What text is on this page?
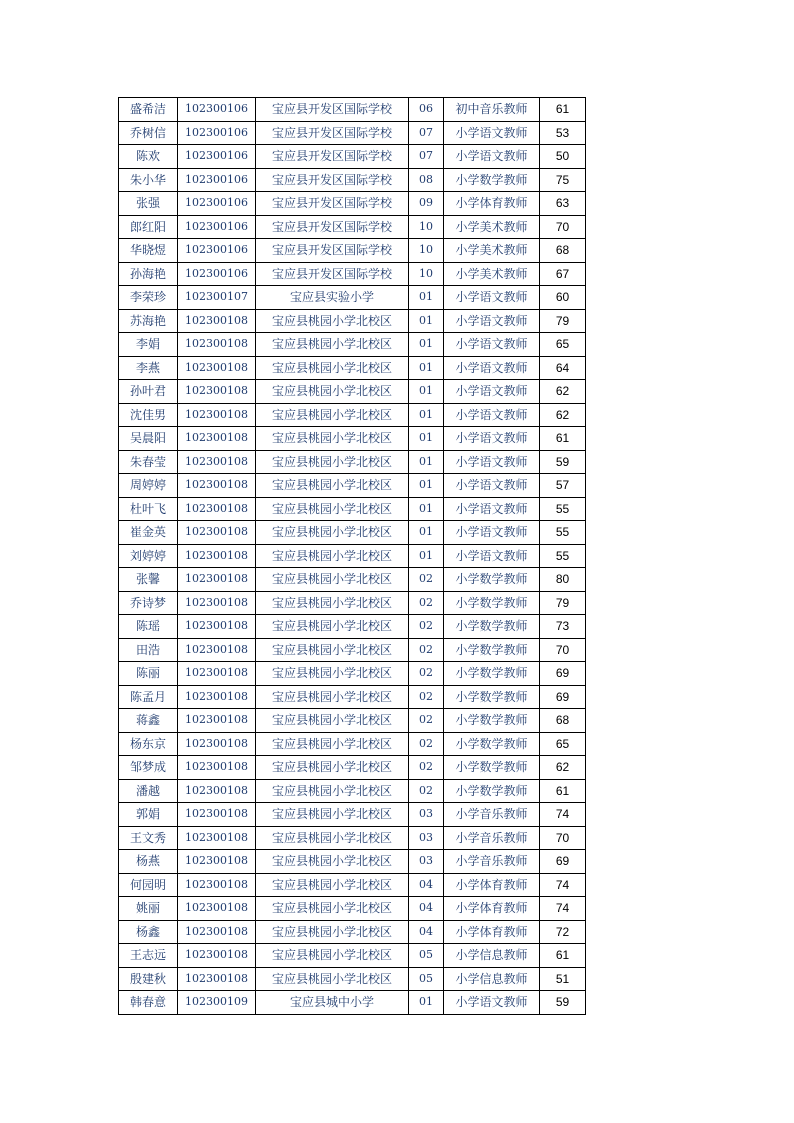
盛希洁	102300106	宝应县开发区国际学校	06	初中音乐教师	61
乔树信	102300106	宝应县开发区国际学校	07	小学语文教师	53
陈欢	102300106	宝应县开发区国际学校	07	小学语文教师	50
朱小华	102300106	宝应县开发区国际学校	08	小学数学教师	75
张强	102300106	宝应县开发区国际学校	09	小学体育教师	63
郎红阳	102300106	宝应县开发区国际学校	10	小学美术教师	70
华晓煜	102300106	宝应县开发区国际学校	10	小学美术教师	68
孙海艳	102300106	宝应县开发区国际学校	10	小学美术教师	67
李荣珍	102300107	宝应县实验小学	01	小学语文教师	60
苏海艳	102300108	宝应县桃园小学北校区	01	小学语文教师	79
李娟	102300108	宝应县桃园小学北校区	01	小学语文教师	65
李燕	102300108	宝应县桃园小学北校区	01	小学语文教师	64
孙叶君	102300108	宝应县桃园小学北校区	01	小学语文教师	62
沈佳男	102300108	宝应县桃园小学北校区	01	小学语文教师	62
吴晨阳	102300108	宝应县桃园小学北校区	01	小学语文教师	61
朱春莹	102300108	宝应县桃园小学北校区	01	小学语文教师	59
周婷婷	102300108	宝应县桃园小学北校区	01	小学语文教师	57
杜叶飞	102300108	宝应县桃园小学北校区	01	小学语文教师	55
崔金英	102300108	宝应县桃园小学北校区	01	小学语文教师	55
刘婷婷	102300108	宝应县桃园小学北校区	01	小学语文教师	55
张馨	102300108	宝应县桃园小学北校区	02	小学数学教师	80
乔诗梦	102300108	宝应县桃园小学北校区	02	小学数学教师	79
陈瑶	102300108	宝应县桃园小学北校区	02	小学数学教师	73
田浩	102300108	宝应县桃园小学北校区	02	小学数学教师	70
陈丽	102300108	宝应县桃园小学北校区	02	小学数学教师	69
陈孟月	102300108	宝应县桃园小学北校区	02	小学数学教师	69
蒋鑫	102300108	宝应县桃园小学北校区	02	小学数学教师	68
杨东京	102300108	宝应县桃园小学北校区	02	小学数学教师	65
邹梦成	102300108	宝应县桃园小学北校区	02	小学数学教师	62
潘越	102300108	宝应县桃园小学北校区	02	小学数学教师	61
郭娟	102300108	宝应县桃园小学北校区	03	小学音乐教师	74
王文秀	102300108	宝应县桃园小学北校区	03	小学音乐教师	70
杨燕	102300108	宝应县桃园小学北校区	03	小学音乐教师	69
何园明	102300108	宝应县桃园小学北校区	04	小学体育教师	74
姚丽	102300108	宝应县桃园小学北校区	04	小学体育教师	74
杨鑫	102300108	宝应县桃园小学北校区	04	小学体育教师	72
王志远	102300108	宝应县桃园小学北校区	05	小学信息教师	61
殷建秋	102300108	宝应县桃园小学北校区	05	小学信息教师	51
韩春意	102300109	宝应县城中小学	01	小学语文教师	59
